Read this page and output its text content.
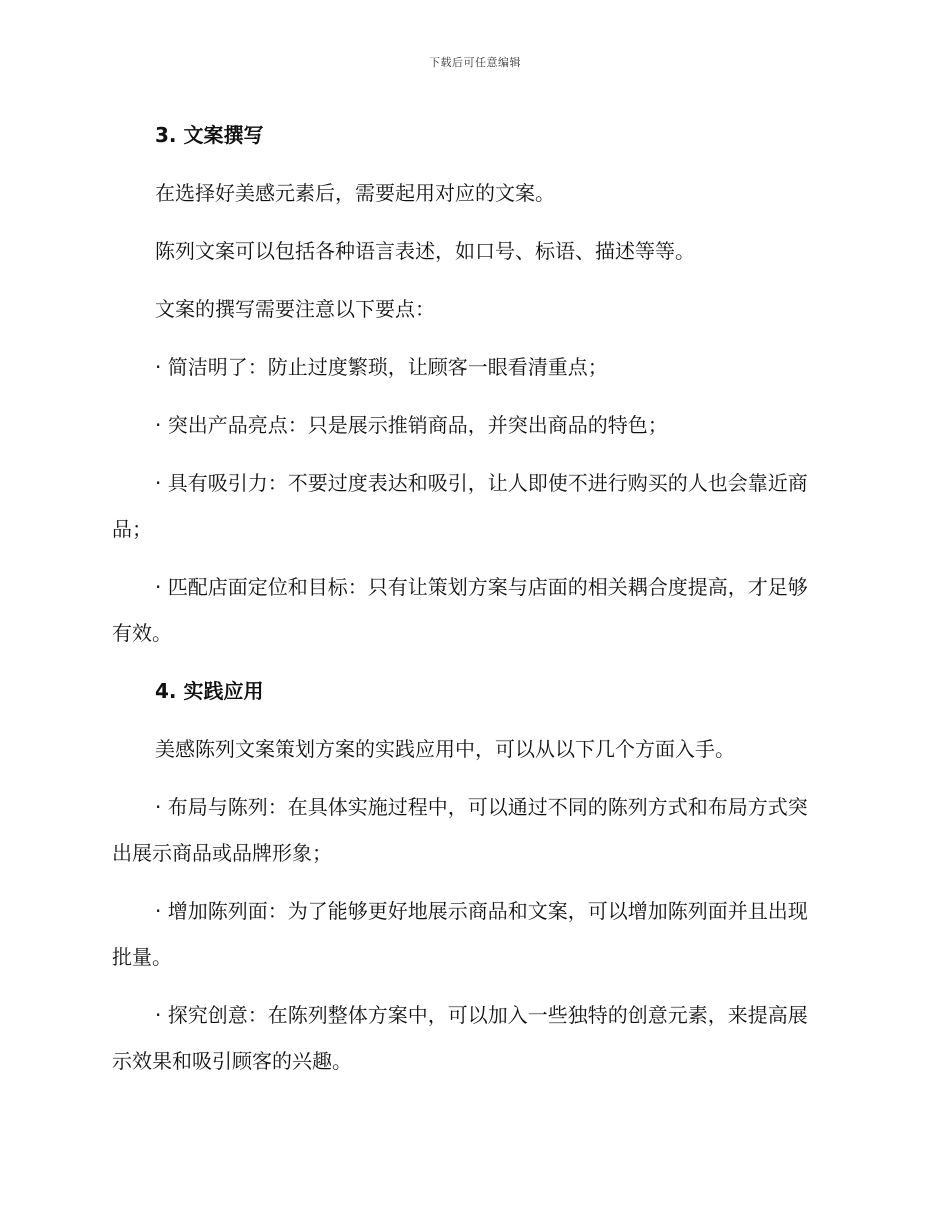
下载后可任意编辑
3. 文案撰写

在选择好美感元素后，需要起用对应的文案。

陈列文案可以包括各种语言表述，如口号、标语、描述等等。

文案的撰写需要注意以下要点：

· 简洁明了：防止过度繁琐，让顾客一眼看清重点；

· 突出产品亮点：只是展示推销商品，并突出商品的特色；

· 具有吸引力：不要过度表达和吸引，让人即使不进行购买的人也会靠近商品；

· 匹配店面定位和目标：只有让策划方案与店面的相关耦合度提高，才足够有效。

4. 实践应用

美感陈列文案策划方案的实践应用中，可以从以下几个方面入手。

· 布局与陈列：在具体实施过程中，可以通过不同的陈列方式和布局方式突出展示商品或品牌形象；

· 增加陈列面：为了能够更好地展示商品和文案，可以增加陈列面并且出现批量。

· 探究创意：在陈列整体方案中，可以加入一些独特的创意元素，来提高展示效果和吸引顾客的兴趣。
